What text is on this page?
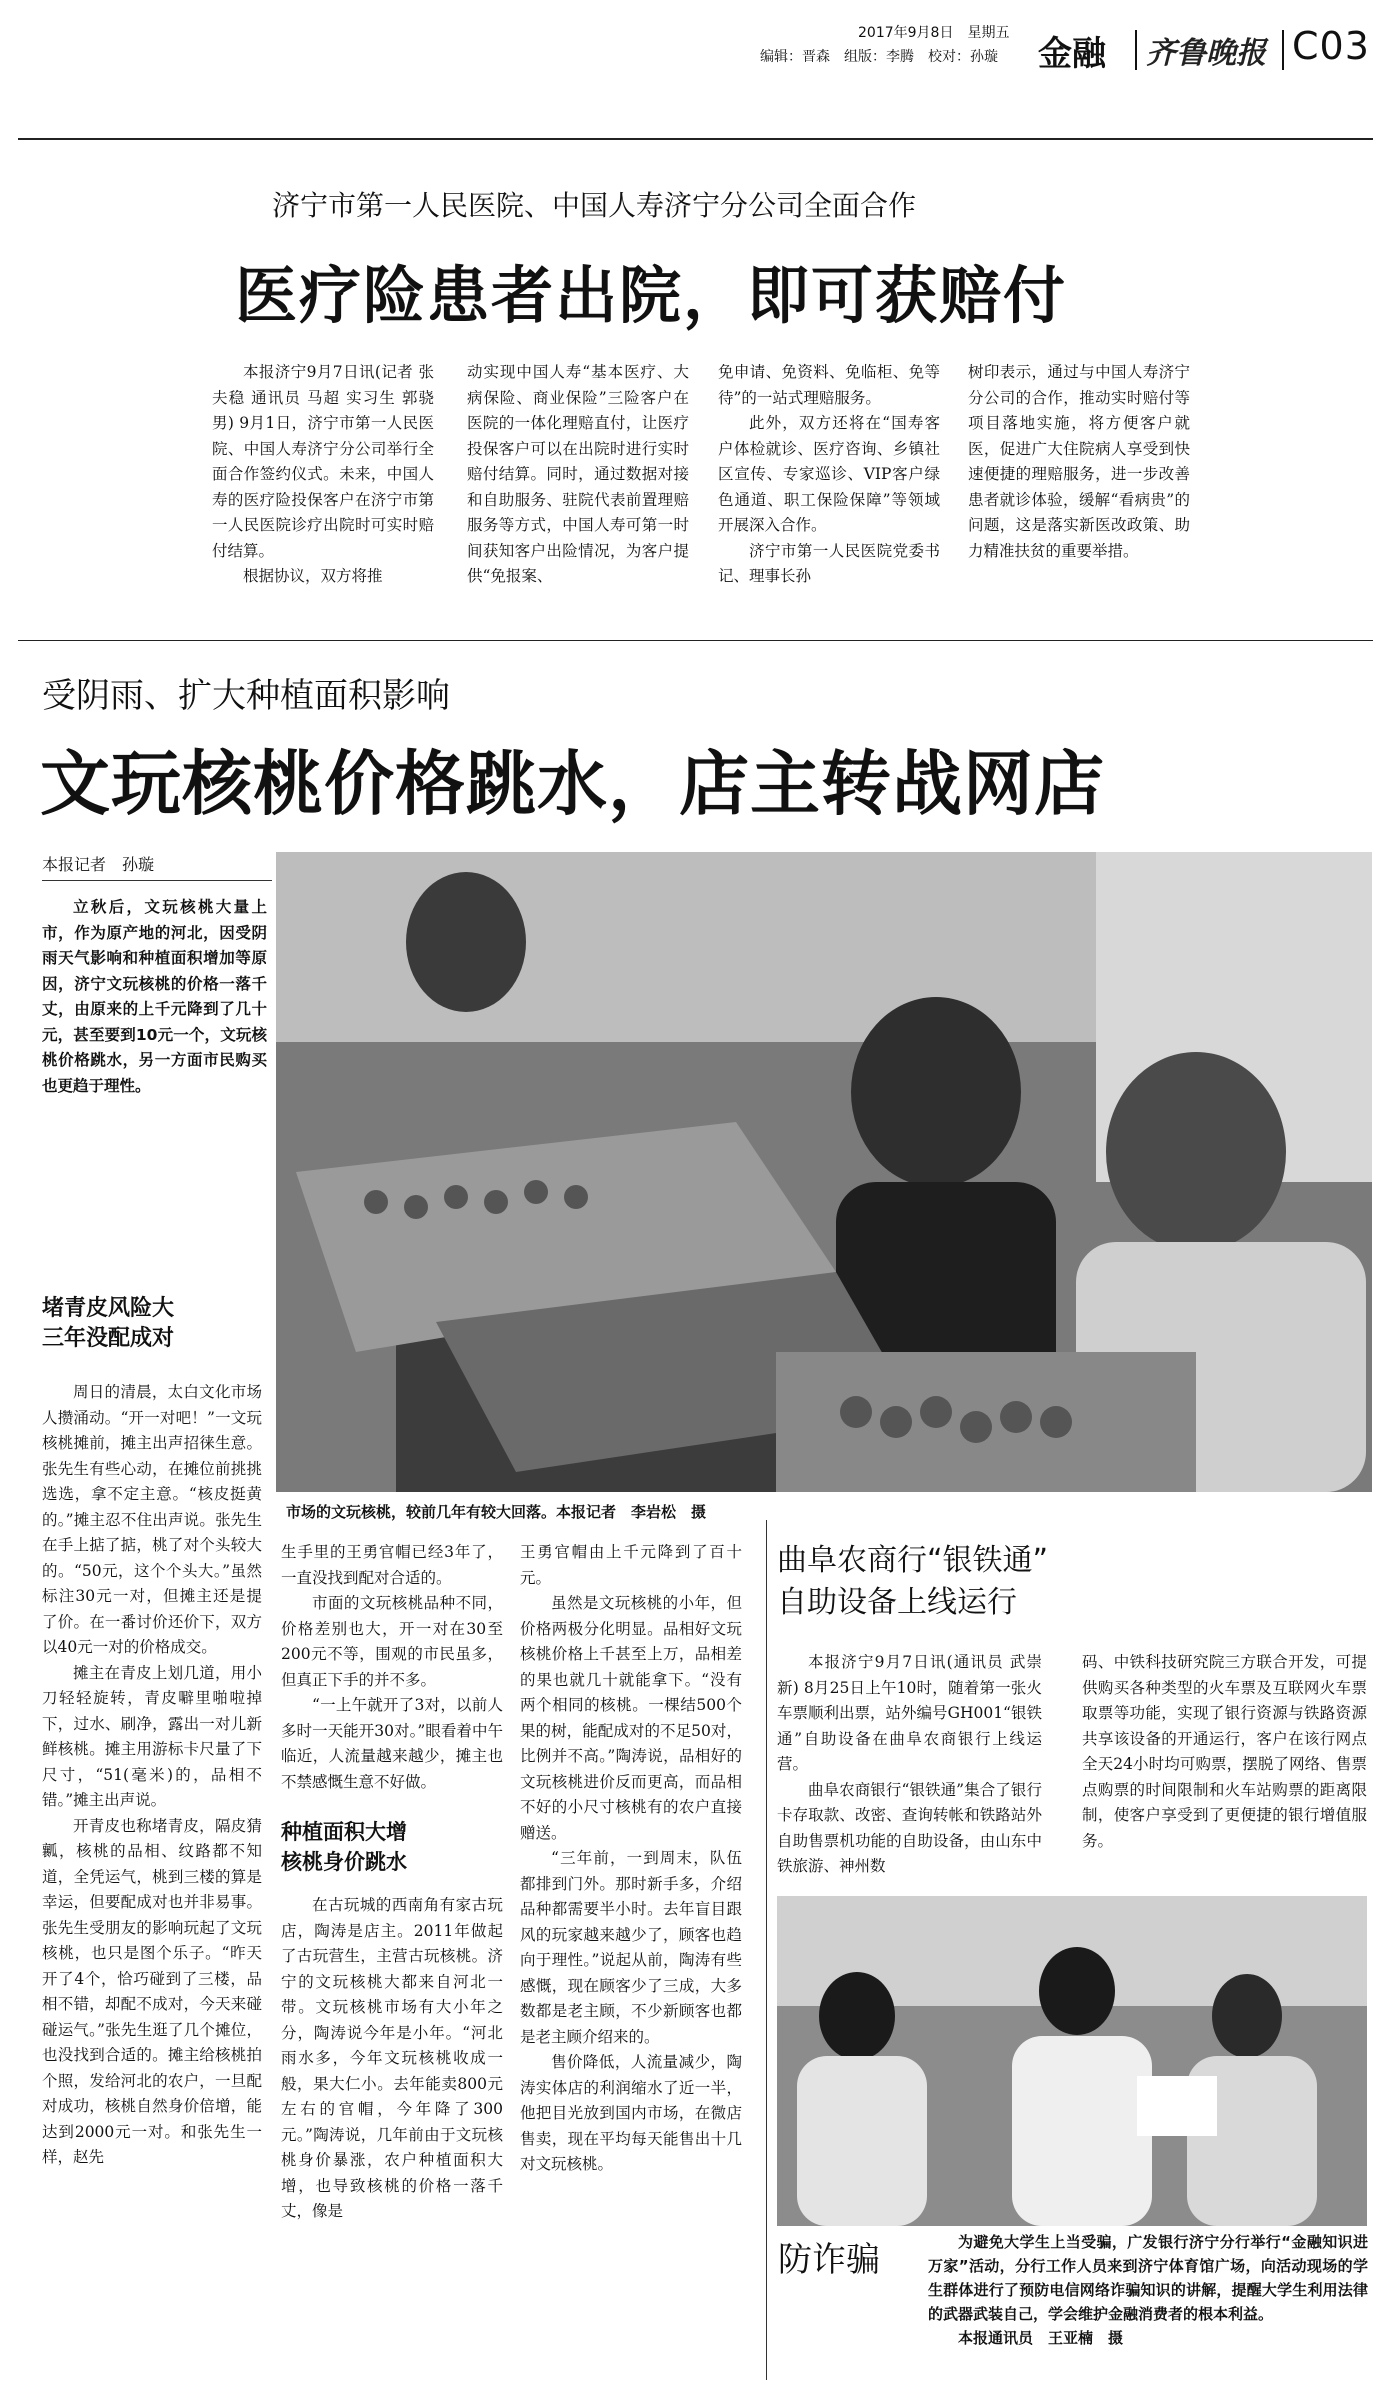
2017年9月8日　星期五
编辑：晋森　组版：李腾　校对：孙璇 金融 齐鲁晚报 C03
济宁市第一人民医院、中国人寿济宁分公司全面合作
医疗险患者出院，即可获赔付

本报济宁9月7日讯(记者 张夫稳 通讯员 马超 实习生 郭骁男) 9月1日，济宁市第一人民医院、中国人寿济宁分公司举行全面合作签约仪式。未来，中国人寿的医疗险投保客户在济宁市第一人民医院诊疗出院时可实时赔付结算。

根据协议，双方将推

动实现中国人寿“基本医疗、大病保险、商业保险”三险客户在医院的一体化理赔直付，让医疗投保客户可以在出院时进行实时赔付结算。同时，通过数据对接和自助服务、驻院代表前置理赔服务等方式，中国人寿可第一时间获知客户出险情况，为客户提供“免报案、

免申请、免资料、免临柜、免等待”的一站式理赔服务。

此外，双方还将在“国寿客户体检就诊、医疗咨询、乡镇社区宣传、专家巡诊、VIP客户绿色通道、职工保险保障”等领域开展深入合作。

济宁市第一人民医院党委书记、理事长孙

树印表示，通过与中国人寿济宁分公司的合作，推动实时赔付等项目落地实施，将方便客户就医，促进广大住院病人享受到快速便捷的理赔服务，进一步改善患者就诊体验，缓解“看病贵”的问题，这是落实新医改政策、助力精准扶贫的重要举措。

受阴雨、扩大种植面积影响
文玩核桃价格跳水，店主转战网店
本报记者　孙璇

立秋后，文玩核桃大量上市，作为原产地的河北，因受阴雨天气影响和种植面积增加等原因，济宁文玩核桃的价格一落千丈，由原来的上千元降到了几十元，甚至要到10元一个，文玩核桃价格跳水，另一方面市民购买也更趋于理性。

市场的文玩核桃，较前几年有较大回落。本报记者　李岩松　摄
堵青皮风险大
三年没配成对

周日的清晨，太白文化市场人攒涌动。“开一对吧！”一文玩核桃摊前，摊主出声招徕生意。张先生有些心动，在摊位前挑挑选选，拿不定主意。“核皮挺黄的。”摊主忍不住出声说。张先生在手上掂了掂，桃了对个头较大的。“50元，这个个头大。”虽然标注30元一对，但摊主还是提了价。在一番讨价还价下，双方以40元一对的价格成交。

摊主在青皮上划几道，用小刀轻轻旋转，青皮噼里啪啦掉下，过水、刷净，露出一对儿新鲜核桃。摊主用游标卡尺量了下尺寸，“51(毫米)的，品相不错。”摊主出声说。

开青皮也称堵青皮，隔皮猜瓤，核桃的品相、纹路都不知道，全凭运气，桃到三楼的算是幸运，但要配成对也并非易事。张先生受朋友的影响玩起了文玩核桃，也只是图个乐子。“昨天开了4个，恰巧碰到了三楼，品相不错，却配不成对，今天来碰碰运气。”张先生逛了几个摊位，也没找到合适的。摊主给核桃拍个照，发给河北的农户，一旦配对成功，核桃自然身价倍增，能达到2000元一对。和张先生一样，赵先

生手里的王勇官帽已经3年了，一直没找到配对合适的。

市面的文玩核桃品种不同，价格差别也大，开一对在30至200元不等，围观的市民虽多，但真正下手的并不多。

“一上午就开了3对，以前人多时一天能开30对。”眼看着中午临近，人流量越来越少，摊主也不禁感慨生意不好做。

种植面积大增
核桃身价跳水

在古玩城的西南角有家古玩店，陶涛是店主。2011年做起了古玩营生，主营古玩核桃。济宁的文玩核桃大都来自河北一带。文玩核桃市场有大小年之分，陶涛说今年是小年。“河北雨水多，今年文玩核桃收成一般，果大仁小。去年能卖800元左右的官帽，今年降了300元。”陶涛说，几年前由于文玩核桃身价暴涨，农户种植面积大增，也导致核桃的价格一落千丈，像是

王勇官帽由上千元降到了百十元。

虽然是文玩核桃的小年，但价格两极分化明显。品相好文玩核桃价格上千甚至上万，品相差的果也就几十就能拿下。“没有两个相同的核桃。一棵结500个果的树，能配成对的不足50对，比例并不高。”陶涛说，品相好的文玩核桃进价反而更高，而品相不好的小尺寸核桃有的农户直接赠送。

“三年前，一到周末，队伍都排到门外。那时新手多，介绍品种都需要半小时。去年盲目跟风的玩家越来越少了，顾客也趋向于理性。”说起从前，陶涛有些感慨，现在顾客少了三成，大多数都是老主顾，不少新顾客也都是老主顾介绍来的。

售价降低，人流量减少，陶涛实体店的利润缩水了近一半，他把目光放到国内市场，在微店售卖，现在平均每天能售出十几对文玩核桃。

曲阜农商行“银铁通”
自助设备上线运行

本报济宁9月7日讯(通讯员 武崇新) 8月25日上午10时，随着第一张火车票顺利出票，站外编号GH001“银铁通”自助设备在曲阜农商银行上线运营。

曲阜农商银行“银铁通”集合了银行卡存取款、改密、查询转帐和铁路站外自助售票机功能的自助设备，由山东中铁旅游、神州数

码、中铁科技研究院三方联合开发，可提供购买各种类型的火车票及互联网火车票取票等功能，实现了银行资源与铁路资源共享该设备的开通运行，客户在该行网点全天24小时均可购票，摆脱了网络、售票点购票的时间限制和火车站购票的距离限制，使客户享受到了更便捷的银行增值服务。

防诈骗	为避免大学生上当受骗，广发银行济宁分行举行“金融知识进万家”活动，分行工作人员来到济宁体育馆广场，向活动现场的学生群体进行了预防电信网络诈骗知识的讲解，提醒大学生利用法律的武器武装自己，学会维护金融消费者的根本利益。
本报通讯员　王亚楠　摄
